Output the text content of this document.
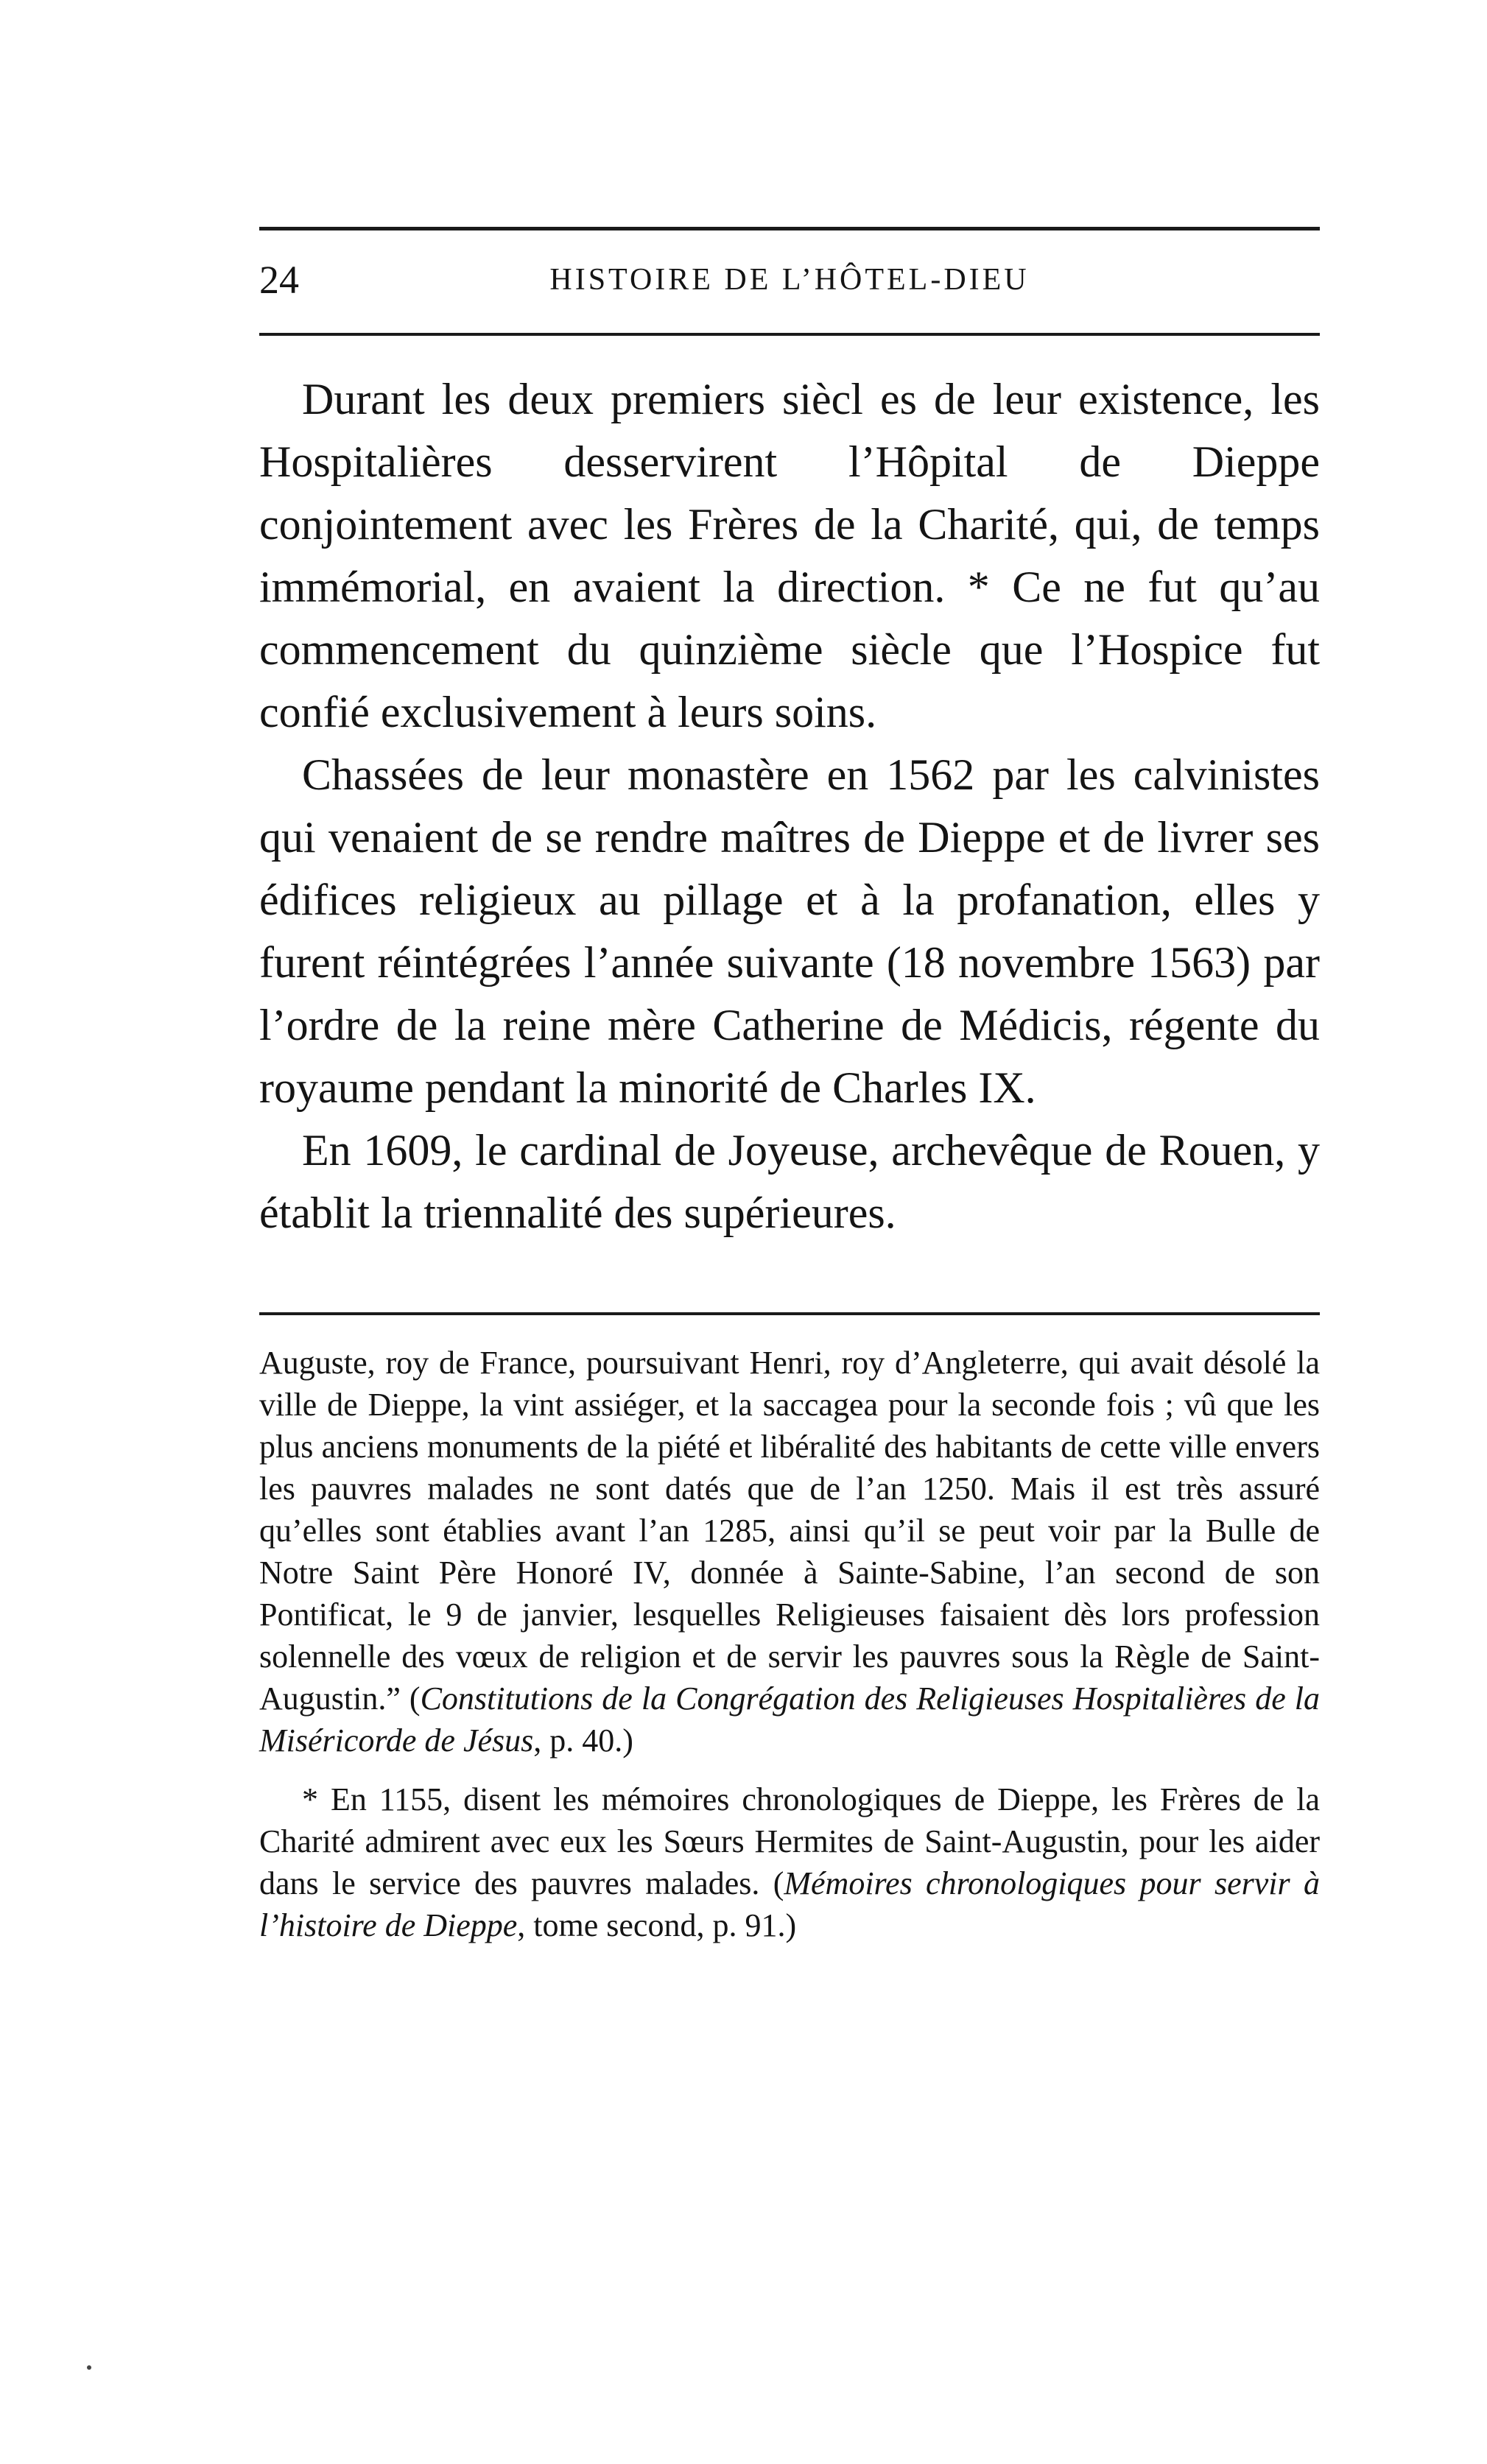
24	HISTOIRE DE L’HÔTEL-DIEU

Durant les deux premiers siècl es de leur existence, les Hospitalières desservirent l’Hôpital de Dieppe conjointement avec les Frères de la Charité, qui, de temps immémorial, en avaient la direction. * Ce ne fut qu’au commencement du quinzième siècle que l’Hospice fut confié exclusivement à leurs soins.

Chassées de leur monastère en 1562 par les calvinistes qui venaient de se rendre maîtres de Dieppe et de livrer ses édifices religieux au pillage et à la profanation, elles y furent réintégrées l’année suivante (18 novembre 1563) par l’ordre de la reine mère Catherine de Médicis, régente du royaume pendant la minorité de Charles IX.

En 1609, le cardinal de Joyeuse, archevêque de Rouen, y établit la triennalité des supérieures.

Auguste, roy de France, poursuivant Henri, roy d’Angleterre, qui avait désolé la ville de Dieppe, la vint assiéger, et la saccagea pour la seconde fois ; vû que les plus anciens monuments de la piété et libéralité des habitants de cette ville envers les pauvres malades ne sont datés que de l’an 1250. Mais il est très assuré qu’elles sont établies avant l’an 1285, ainsi qu’il se peut voir par la Bulle de Notre Saint Père Honoré IV, donnée à Sainte-Sabine, l’an second de son Pontificat, le 9 de janvier, lesquelles Religieuses faisaient dès lors profession solennelle des vœux de religion et de servir les pauvres sous la Règle de Saint-Augustin.” (Constitutions de la Congrégation des Religieuses Hospitalières de la Miséricorde de Jésus, p. 40.)

* En 1155, disent les mémoires chronologiques de Dieppe, les Frères de la Charité admirent avec eux les Sœurs Hermites de Saint-Augustin, pour les aider dans le service des pauvres malades. (Mémoires chronologiques pour servir à l’histoire de Dieppe, tome second, p. 91.)
